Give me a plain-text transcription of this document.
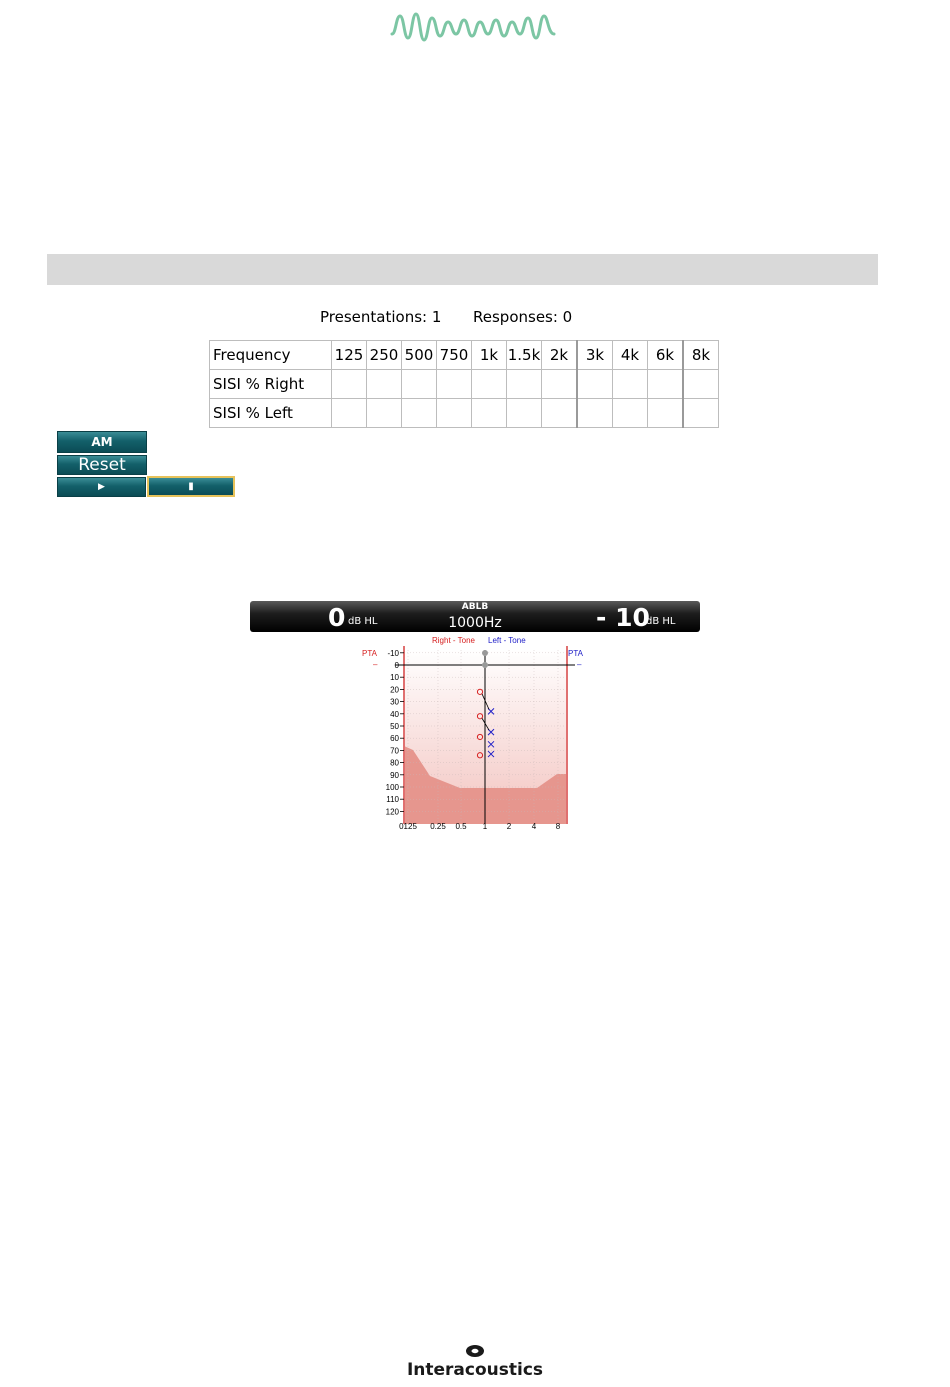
Presentations: 1 Responses: 0
Frequency	125	250	500	750	1k	1.5k	2k	3k	4k	6k	8k
SISI % Right											
SISI % Left											
AM
Reset
▶	▮
ABLB
1000Hz
0 dB HL	- 10
dB HL
Right - Tone Left - Tone
PTA
–
PTA
–
-10
0
10
20
30
40
50
60
70
80
90
100
110
120
0125 0.25 0.5 1 2	4 8
Interacoustics
